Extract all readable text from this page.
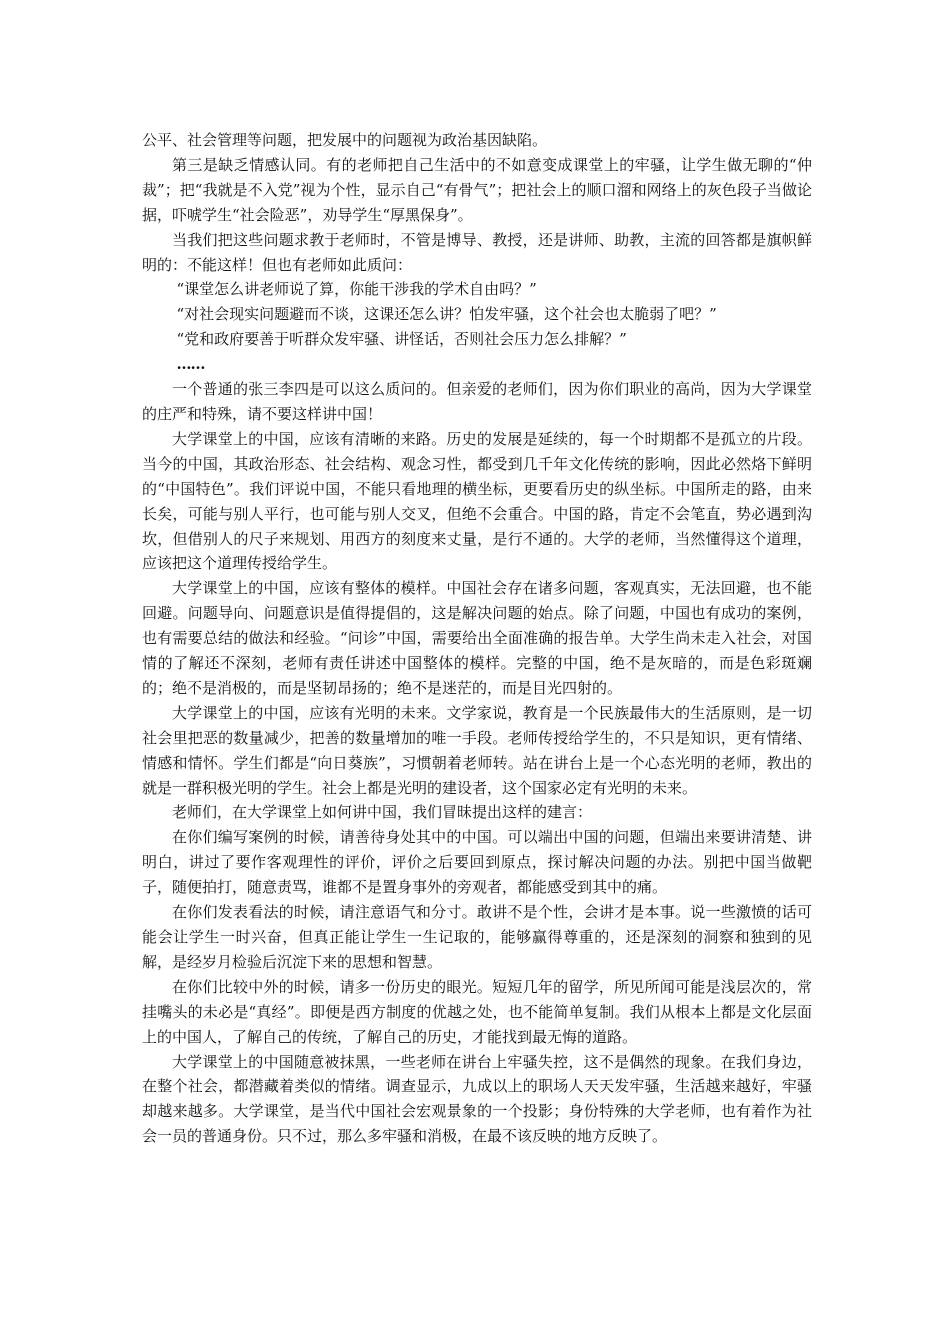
公平、社会管理等问题，把发展中的问题视为政治基因缺陷。

第三是缺乏情感认同。有的老师把自己生活中的不如意变成课堂上的牢骚，让学生做无聊的“仲裁”；把“我就是不入党”视为个性，显示自己“有骨气”；把社会上的顺口溜和网络上的灰色段子当做论据，吓唬学生“社会险恶”，劝导学生“厚黑保身”。

当我们把这些问题求教于老师时，不管是博导、教授，还是讲师、助教，主流的回答都是旗帜鲜明的：不能这样！但也有老师如此质问：

“课堂怎么讲老师说了算，你能干涉我的学术自由吗？”

“对社会现实问题避而不谈，这课还怎么讲？怕发牢骚，这个社会也太脆弱了吧？”

“党和政府要善于听群众发牢骚、讲怪话，否则社会压力怎么排解？”

……

一个普通的张三李四是可以这么质问的。但亲爱的老师们，因为你们职业的高尚，因为大学课堂的庄严和特殊，请不要这样讲中国！

大学课堂上的中国，应该有清晰的来路。历史的发展是延续的，每一个时期都不是孤立的片段。当今的中国，其政治形态、社会结构、观念习性，都受到几千年文化传统的影响，因此必然烙下鲜明的“中国特色”。我们评说中国，不能只看地理的横坐标，更要看历史的纵坐标。中国所走的路，由来长矣，可能与别人平行，也可能与别人交叉，但绝不会重合。中国的路，肯定不会笔直，势必遇到沟坎，但借别人的尺子来规划、用西方的刻度来丈量，是行不通的。大学的老师，当然懂得这个道理，应该把这个道理传授给学生。

大学课堂上的中国，应该有整体的模样。中国社会存在诸多问题，客观真实，无法回避，也不能回避。问题导向、问题意识是值得提倡的，这是解决问题的始点。除了问题，中国也有成功的案例，也有需要总结的做法和经验。“问诊”中国，需要给出全面准确的报告单。大学生尚未走入社会，对国情的了解还不深刻，老师有责任讲述中国整体的模样。完整的中国，绝不是灰暗的，而是色彩斑斓的；绝不是消极的，而是坚韧昂扬的；绝不是迷茫的，而是目光四射的。

大学课堂上的中国，应该有光明的未来。文学家说，教育是一个民族最伟大的生活原则，是一切社会里把恶的数量减少，把善的数量增加的唯一手段。老师传授给学生的，不只是知识，更有情绪、情感和情怀。学生们都是“向日葵族”，习惯朝着老师转。站在讲台上是一个心态光明的老师，教出的就是一群积极光明的学生。社会上都是光明的建设者，这个国家必定有光明的未来。

老师们，在大学课堂上如何讲中国，我们冒昧提出这样的建言：

在你们编写案例的时候，请善待身处其中的中国。可以端出中国的问题，但端出来要讲清楚、讲明白，讲过了要作客观理性的评价，评价之后要回到原点，探讨解决问题的办法。别把中国当做靶子，随便拍打，随意责骂，谁都不是置身事外的旁观者，都能感受到其中的痛。

在你们发表看法的时候，请注意语气和分寸。敢讲不是个性，会讲才是本事。说一些激愤的话可能会让学生一时兴奋，但真正能让学生一生记取的，能够赢得尊重的，还是深刻的洞察和独到的见解，是经岁月检验后沉淀下来的思想和智慧。

在你们比较中外的时候，请多一份历史的眼光。短短几年的留学，所见所闻可能是浅层次的，常挂嘴头的未必是“真经”。即便是西方制度的优越之处，也不能简单复制。我们从根本上都是文化层面上的中国人，了解自己的传统，了解自己的历史，才能找到最无悔的道路。

大学课堂上的中国随意被抹黑，一些老师在讲台上牢骚失控，这不是偶然的现象。在我们身边，在整个社会，都潜藏着类似的情绪。调查显示，九成以上的职场人天天发牢骚，生活越来越好，牢骚却越来越多。大学课堂，是当代中国社会宏观景象的一个投影；身份特殊的大学老师，也有着作为社会一员的普通身份。只不过，那么多牢骚和消极，在最不该反映的地方反映了。
